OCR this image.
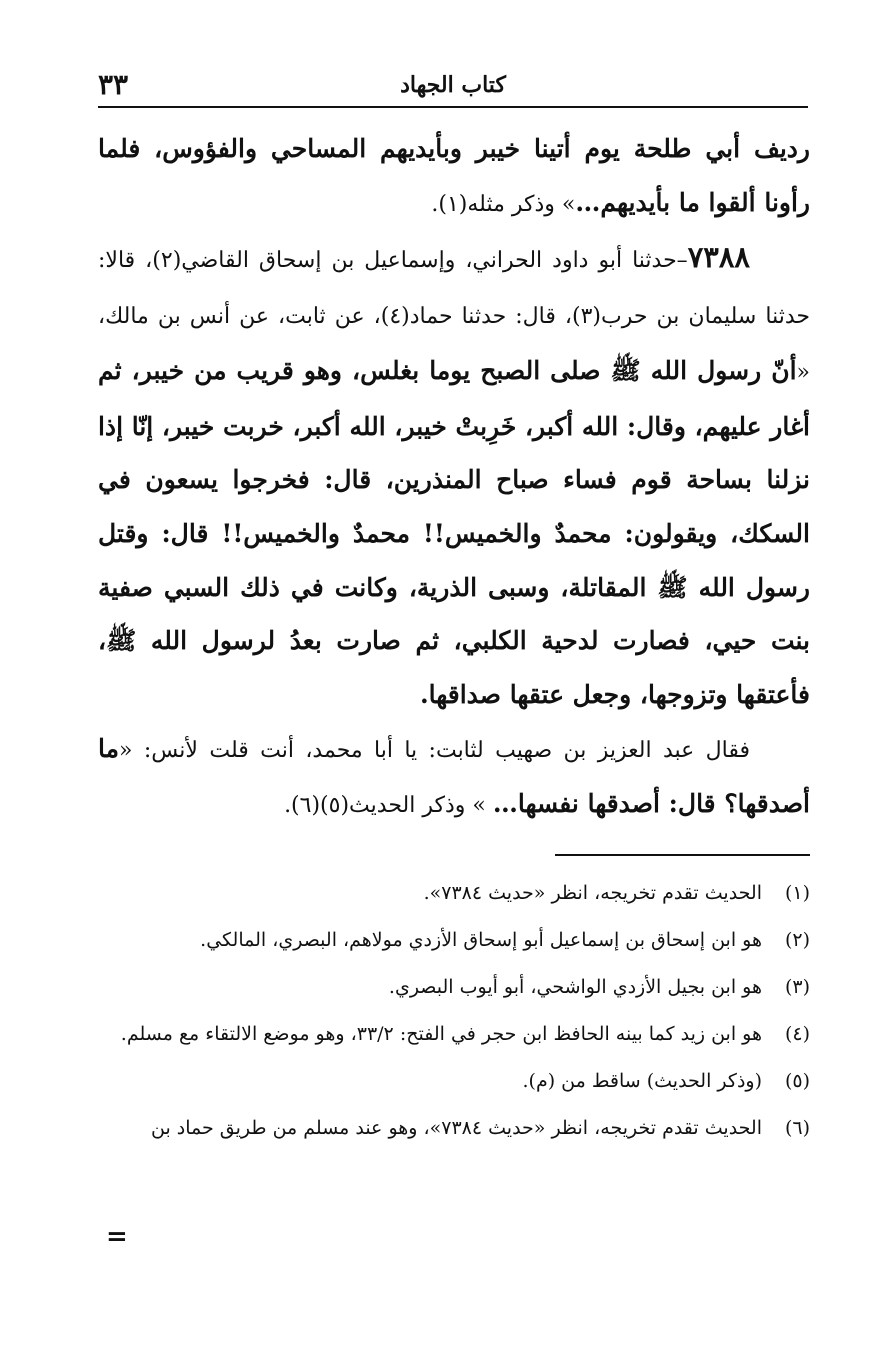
كتاب الجهاد
٣٣

رديف أبي طلحة يوم أتينا خيبر وبأيديهم المساحي والفؤوس، فلما رأونا ألقوا ما بأيديهم…» وذكر مثله(١).

٧٣٨٨–حدثنا أبو داود الحراني، وإسماعيل بن إسحاق القاضي(٢)، قالا: حدثنا سليمان بن حرب(٣)، قال: حدثنا حماد(٤)، عن ثابت، عن أنس بن مالك، «أنّ رسول الله ﷺ صلى الصبح يوما بغلس، وهو قريب من خيبر، ثم أغار عليهم، وقال: الله أكبر، خَرِبتْ خيبر، الله أكبر، خربت خيبر، إنّا إذا نزلنا بساحة قوم فساء صباح المنذرين، قال: فخرجوا يسعون في السكك، ويقولون: محمدٌ والخميس!! محمدٌ والخميس!! قال: وقتل رسول الله ﷺ المقاتلة، وسبى الذرية، وكانت في ذلك السبي صفية بنت حيي، فصارت لدحية الكلبي، ثم صارت بعدُ لرسول الله ﷺ، فأعتقها وتزوجها، وجعل عتقها صداقها.

فقال عبد العزيز بن صهيب لثابت: يا أبا محمد، أنت قلت لأنس: «ما أصدقها؟ قال: أصدقها نفسها… » وذكر الحديث(٥)(٦).

(١)
الحديث تقدم تخريجه، انظر «حديث ٧٣٨٤».

(٢)
هو ابن إسحاق بن إسماعيل أبو إسحاق الأزدي مولاهم، البصري، المالكي.

(٣)
هو ابن بجيل الأزدي الواشحي، أبو أيوب البصري.

(٤)
هو ابن زيد كما بينه الحافظ ابن حجر في الفتح: ٣٣/٢، وهو موضع الالتقاء مع مسلم.

(٥)
(وذكر الحديث) ساقط من (م).

(٦)
الحديث تقدم تخريجه، انظر «حديث ٧٣٨٤»، وهو عند مسلم من طريق حماد بن

=
